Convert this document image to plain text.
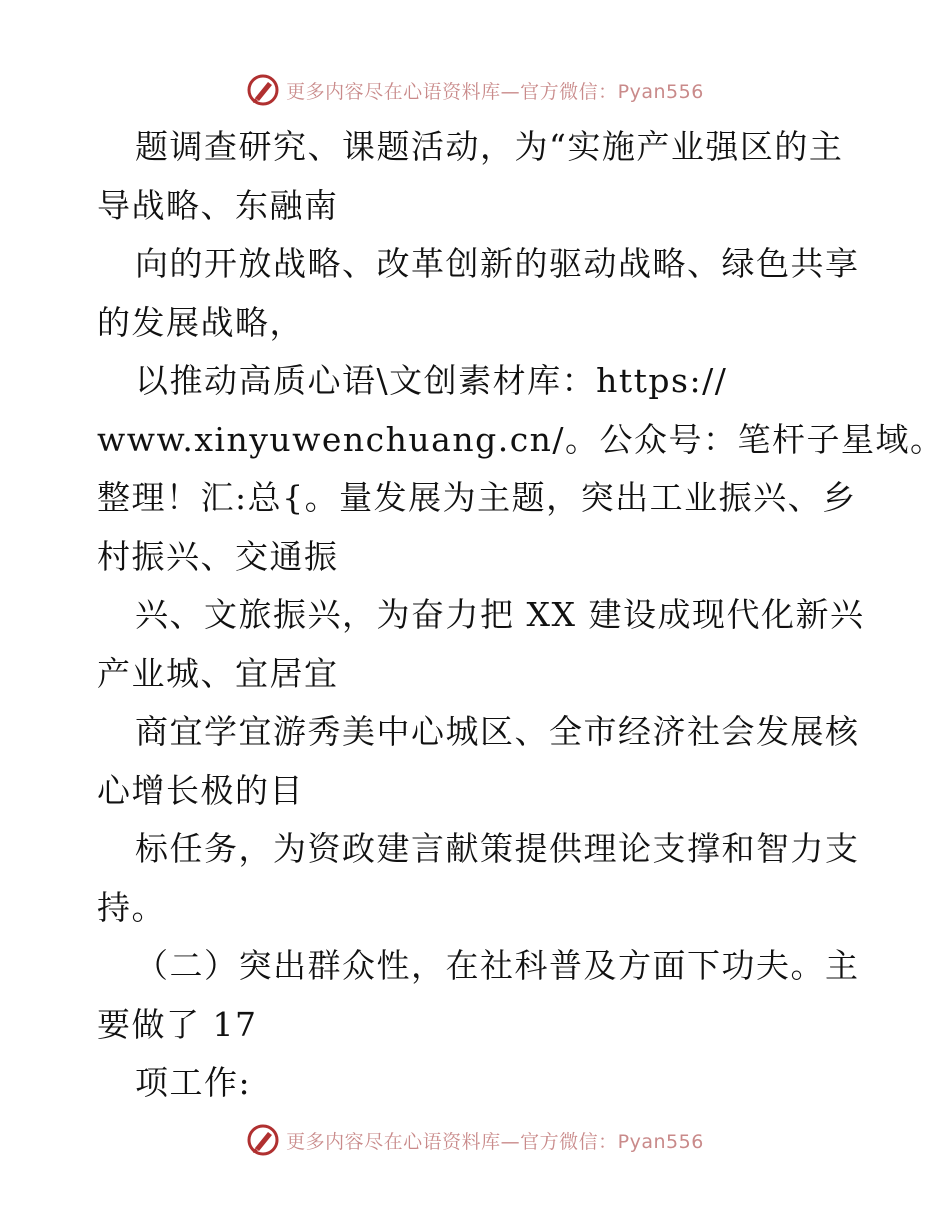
更多内容尽在心语资料库—官方微信：Pyan556
题调查研究、课题活动，为“实施产业强区的主
导战略、东融南
向的开放战略、改革创新的驱动战略、绿色共享
的发展战略，
以推动高质心语\文创素材库：https://
www.xinyuwenchuang.cn/。公众号：笔杆子星域。
整理！汇:总{。量发展为主题，突出工业振兴、乡
村振兴、交通振
兴、文旅振兴，为奋力把 XX 建设成现代化新兴
产业城、宜居宜
商宜学宜游秀美中心城区、全市经济社会发展核
心增长极的目
标任务，为资政建言献策提供理论支撑和智力支
持。
（二）突出群众性，在社科普及方面下功夫。主
要做了 17
项工作:
更多内容尽在心语资料库—官方微信：Pyan556
